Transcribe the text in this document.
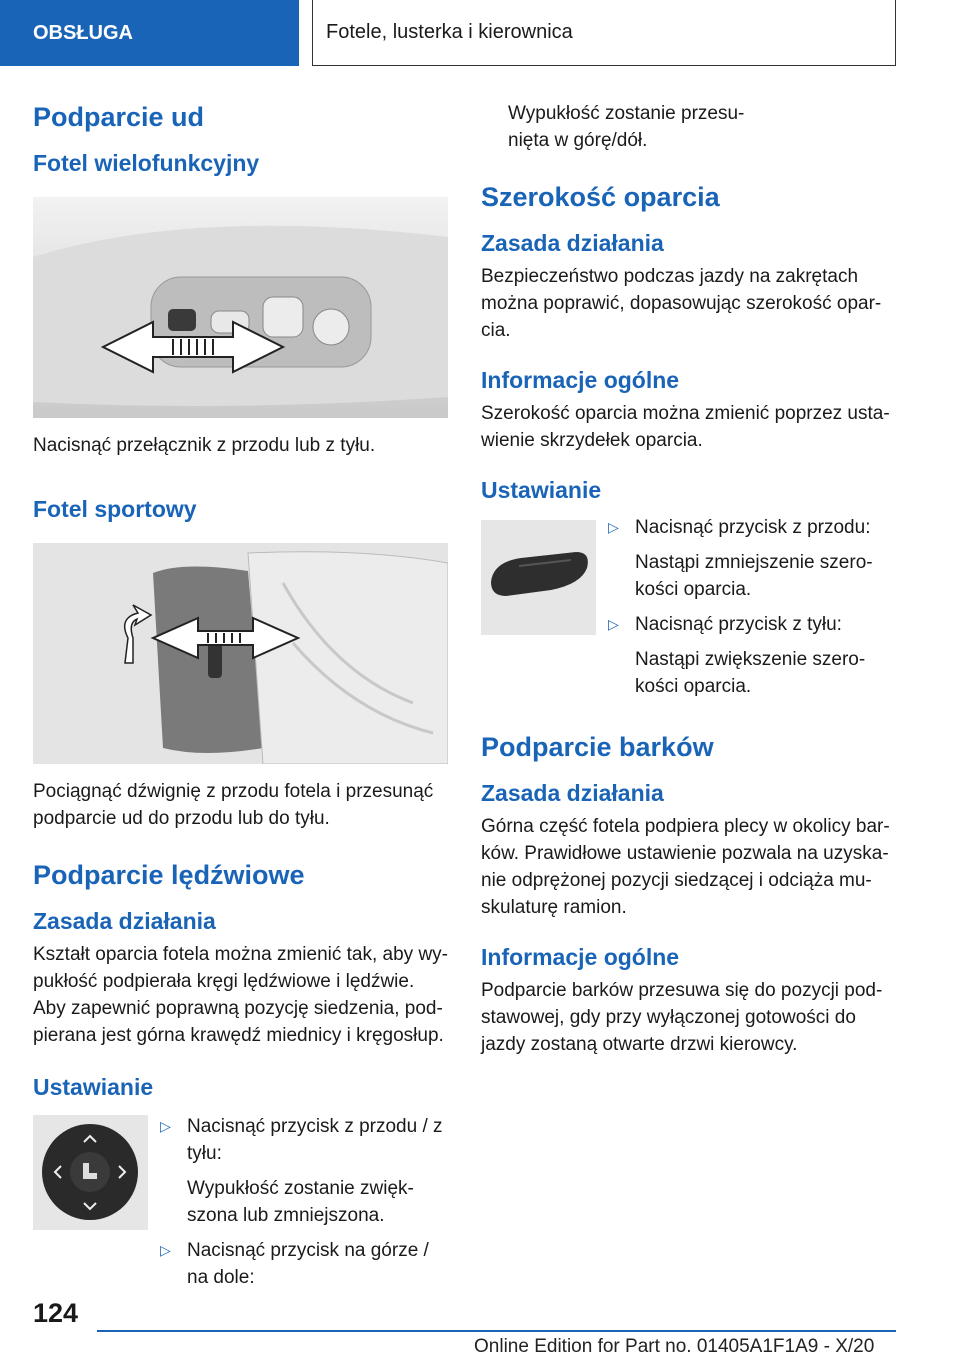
OBSŁUGA	Fotele, lusterka i kierownica
Podparcie ud
Fotel wielofunkcyjny

Nacisnąć przełącznik z przodu lub z tyłu.

Fotel sportowy

Pociągnąć dźwignię z przodu fotela i przesunąć podparcie ud do przodu lub do tyłu.

Podparcie lędźwiowe
Zasada działania

Kształt oparcia fotela można zmienić tak, aby wy-pukłość podpierała kręgi lędźwiowe i lędźwie. Aby zapewnić poprawną pozycję siedzenia, pod-pierana jest górna krawędź miednicy i kręgosłup.

Ustawianie
▷ Nacisnąć przycisk z przodu / z tyłu:
Wypukłość zostanie zwięk-szona lub zmniejszona.
▷ Nacisnąć przycisk na górze / na dole:

Wypukłość zostanie przesu-nięta w górę/dół.

Szerokość oparcia
Zasada działania

Bezpieczeństwo podczas jazdy na zakrętach można poprawić, dopasowując szerokość opar-cia.

Informacje ogólne

Szerokość oparcia można zmienić poprzez usta-wienie skrzydełek oparcia.

Ustawianie
▷ Nacisnąć przycisk z przodu:
Nastąpi zmniejszenie szero-kości oparcia.
▷ Nacisnąć przycisk z tyłu:
Nastąpi zwiększenie szero-kości oparcia.
Podparcie barków
Zasada działania

Górna część fotela podpiera plecy w okolicy bar-ków. Prawidłowe ustawienie pozwala na uzyska-nie odprężonej pozycji siedzącej i odciąża mu-skulaturę ramion.

Informacje ogólne

Podparcie barków przesuwa się do pozycji pod-stawowej, gdy przy wyłączonej gotowości do jazdy zostaną otwarte drzwi kierowcy.

124
Online Edition for Part no. 01405A1F1A9 - X/20
